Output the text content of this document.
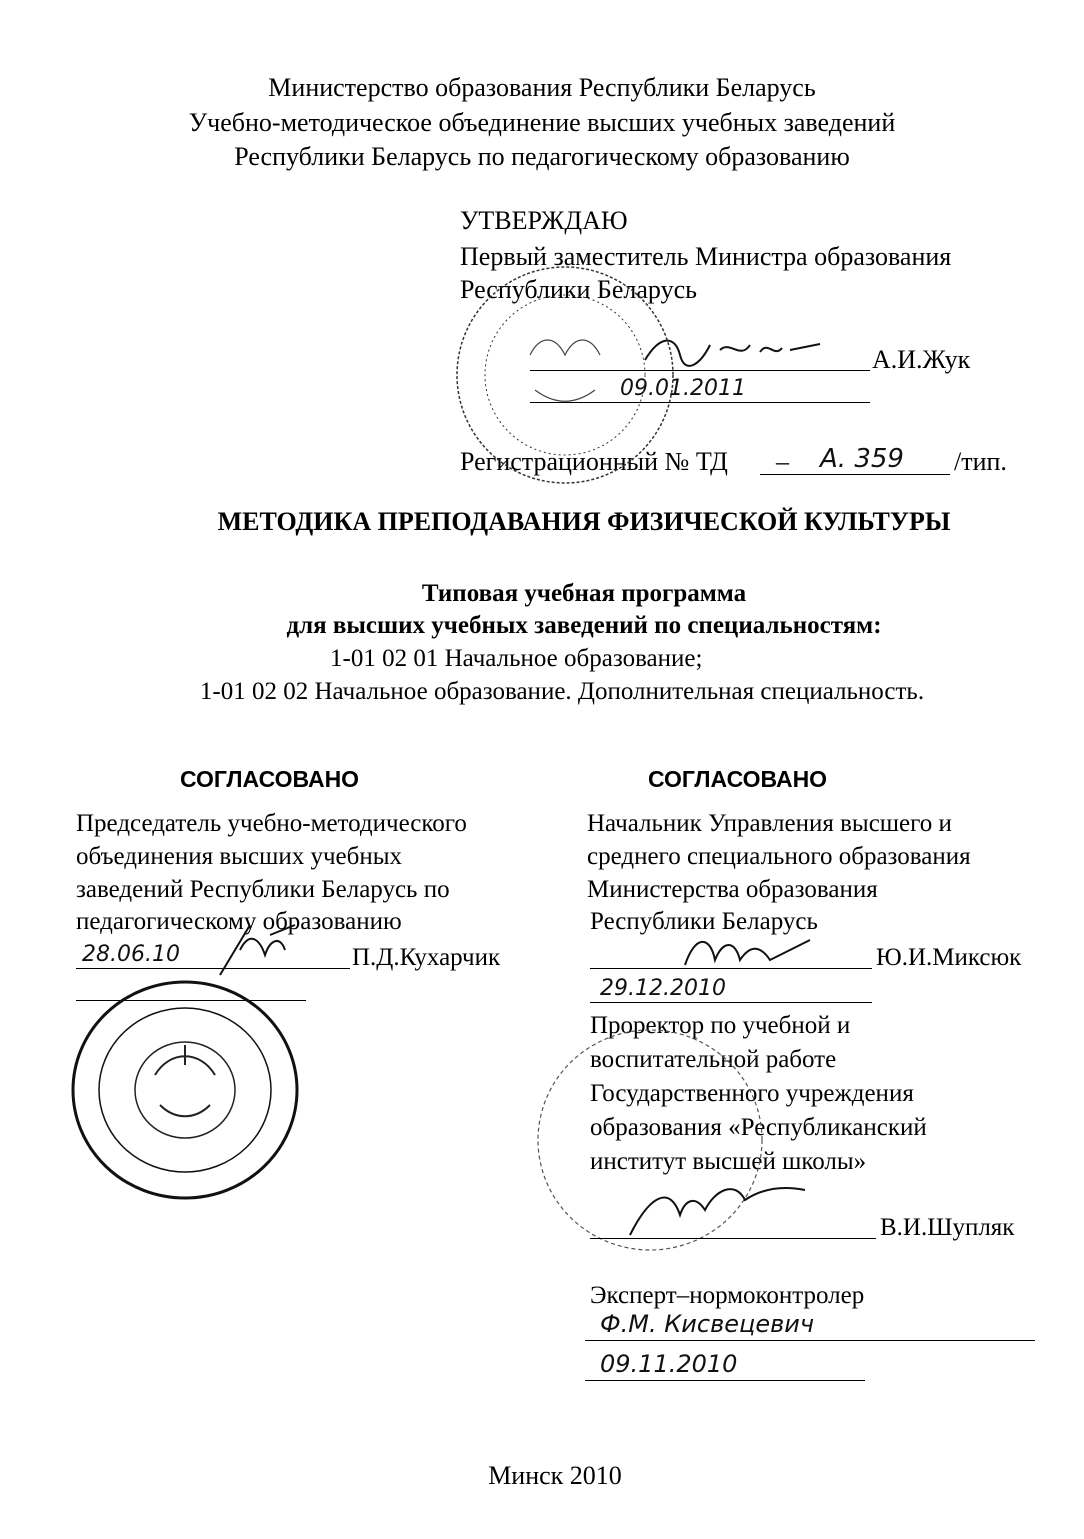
Министерство образования Республики Беларусь
Учебно-методическое объединение высших учебных заведений
Республики Беларусь по педагогическому образованию
УТВЕРЖДАЮ
Первый заместитель Министра образования
Республики Беларусь
А.И.Жук
09.01.2011
Регистрационный № ТД – А. 359 /тип.
МЕТОДИКА ПРЕПОДАВАНИЯ ФИЗИЧЕСКОЙ КУЛЬТУРЫ
Типовая учебная программа
для высших учебных заведений по специальностям:
1-01 02 01 Начальное образование;
1-01 02 02 Начальное образование. Дополнительная специальность.
СОГЛАСОВАНО
Председатель учебно-методического
объединения высших учебных
заведений Республики Беларусь по
педагогическому образованию
28.06.10	П.Д.Кухарчик
СОГЛАСОВАНО
Начальник Управления высшего и
среднего специального образования
Министерства образования
Республики Беларусь
Ю.И.Миксюк
29.12.2010
Проректор по учебной и
воспитательной работе
Государственного учреждения
образования «Республиканский
институт высшей школы»
В.И.Шупляк
Эксперт–нормоконтролер
Ф.М. Кисвецевич
09.11.2010
Минск 2010
